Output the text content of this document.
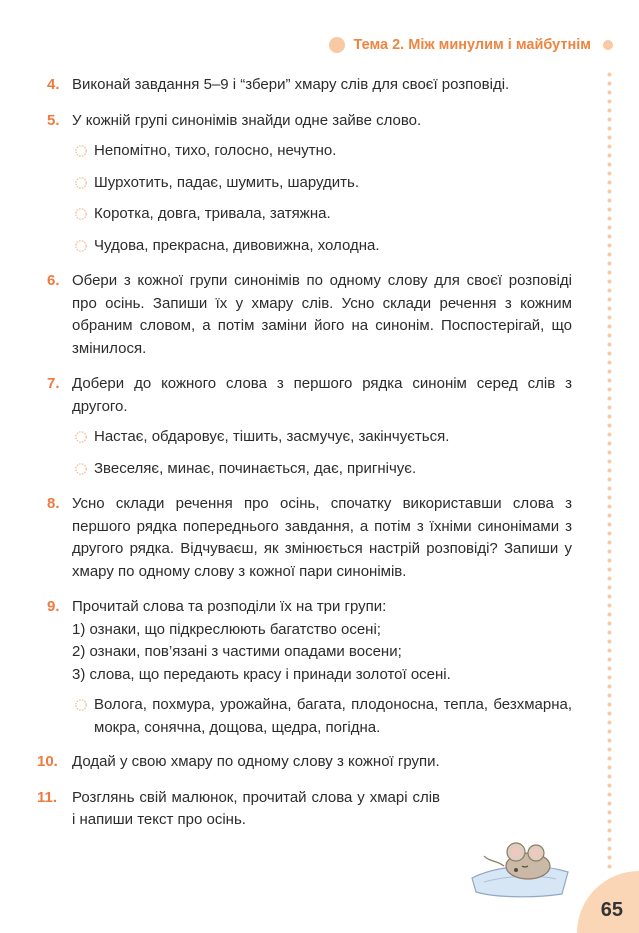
Тема 2. Між минулим і майбутнім
4. Виконай завдання 5–9 і “збери” хмару слів для своєї розповіді.
5. У кожній групі синонімів знайди одне зайве слово.
Непомітно, тихо, голосно, нечутно.
Шурхотить, падає, шумить, шарудить.
Коротка, довга, тривала, затяжна.
Чудова, прекрасна, дивовижна, холодна.
6. Обери з кожної групи синонімів по одному слову для своєї розповіді про осінь. Запиши їх у хмару слів. Усно склади речення з кожним обраним словом, а потім заміни його на синонім. Поспостерігай, що змінилося.
7. Добери до кожного слова з першого рядка синонім серед слів з другого.
Настає, обдаровує, тішить, засмучує, закінчується.
Звеселяє, минає, починається, дає, пригнічує.
8. Усно склади речення про осінь, спочатку використавши слова з першого рядка попереднього завдання, а потім з їхніми синонімами з другого рядка. Відчуваєш, як змінюється настрій розповіді? Запиши у хмару по одному слову з кожної пари синонімів.
9. Прочитай слова та розподіли їх на три групи:
1) ознаки, що підкреслюють багатство осені;
2) ознаки, пов’язані з частими опадами восени;
3) слова, що передають красу і принади золотої осені.
Волога, похмура, урожайна, багата, плодоносна, тепла, безхмарна, мокра, сонячна, дощова, щедра, погідна.
10. Додай у свою хмару по одному слову з кожної групи.
11. Розглянь свій малюнок, прочитай слова у хмарі слів і напиши текст про осінь.
65
